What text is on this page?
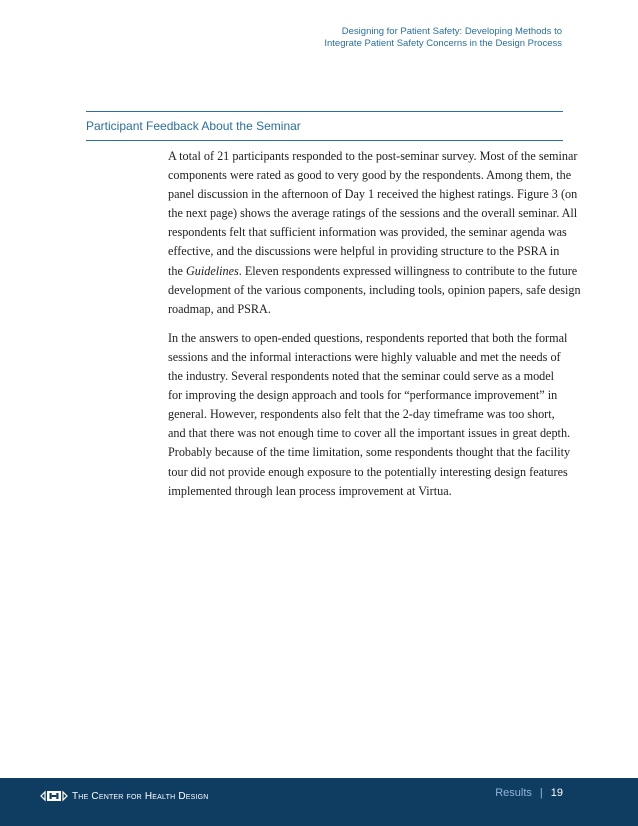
Designing for Patient Safety: Developing Methods to
Integrate Patient Safety Concerns in the Design Process
Participant Feedback About the Seminar

A total of 21 participants responded to the post-seminar survey. Most of the seminar
components were rated as good to very good by the respondents. Among them, the
panel discussion in the afternoon of Day 1 received the highest ratings. Figure 3 (on
the next page) shows the average ratings of the sessions and the overall seminar. All
respondents felt that sufficient information was provided, the seminar agenda was
effective, and the discussions were helpful in providing structure to the PSRA in
the Guidelines. Eleven respondents expressed willingness to contribute to the future
development of the various components, including tools, opinion papers, safe design
roadmap, and PSRA.

In the answers to open-ended questions, respondents reported that both the formal
sessions and the informal interactions were highly valuable and met the needs of
the industry. Several respondents noted that the seminar could serve as a model
for improving the design approach and tools for “performance improvement” in
general. However, respondents also felt that the 2-day timeframe was too short,
and that there was not enough time to cover all the important issues in great depth.
Probably because of the time limitation, some respondents thought that the facility
tour did not provide enough exposure to the potentially interesting design features
implemented through lean process improvement at Virtua.

The Center for Health Design	Results | 19
